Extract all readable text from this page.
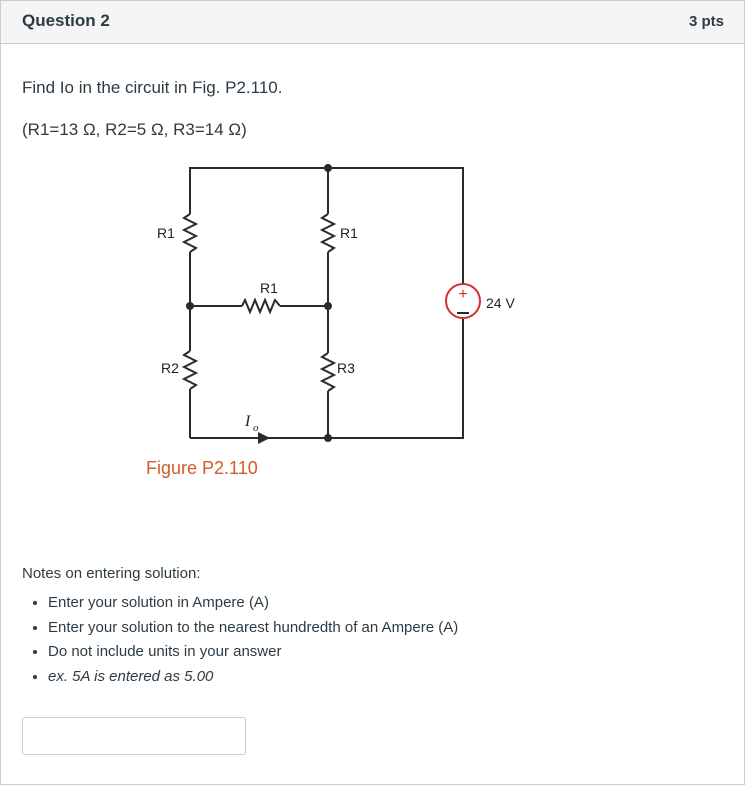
Question 2	3 pts
Find Io in the circuit in Fig. P2.110.
(R1=13 Ω, R2=5 Ω, R3=14 Ω)
+
R1	R1
R1
R2	R3
24 V
I o
Figure P2.110
Notes on entering solution:
• Enter your solution in Ampere (A)
• Enter your solution to the nearest hundredth of an Ampere (A)
• Do not include units in your answer
• ex. 5A is entered as 5.00
